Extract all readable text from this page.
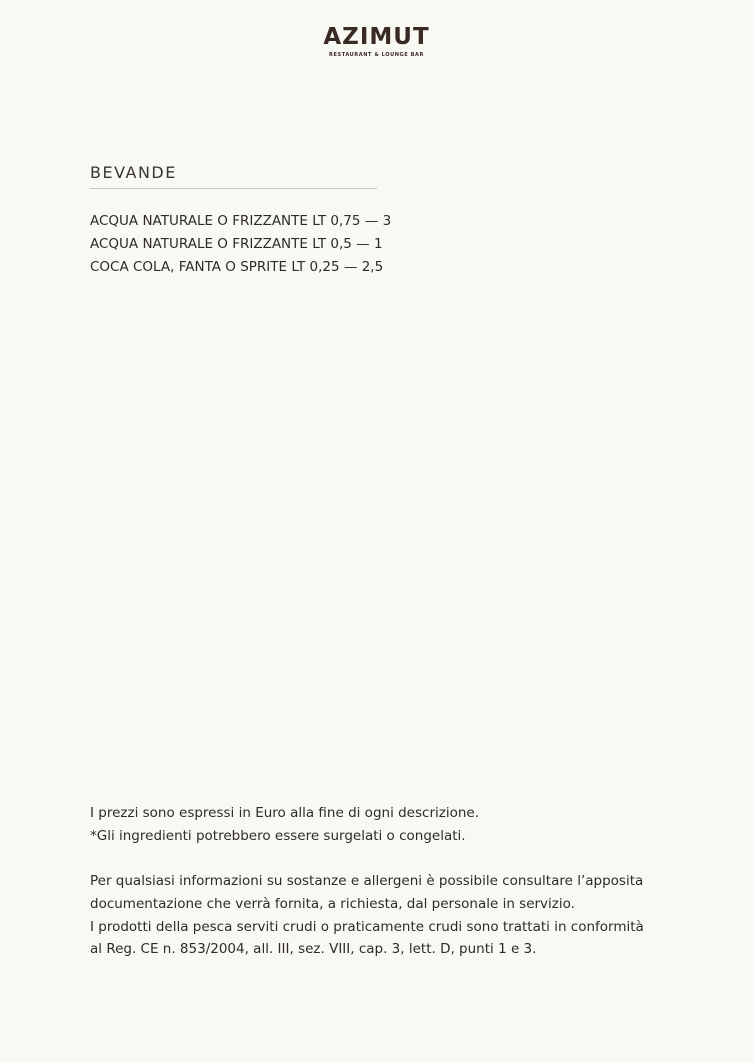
AZIMUT
RESTAURANT & LOUNGE BAR
BEVANDE
ACQUA NATURALE O FRIZZANTE LT 0,75 — 3
ACQUA NATURALE O FRIZZANTE LT 0,5 — 1
COCA COLA, FANTA O SPRITE LT 0,25 — 2,5

I prezzi sono espressi in Euro alla fine di ogni descrizione.

*Gli ingredienti potrebbero essere surgelati o congelati.

Per qualsiasi informazioni su sostanze e allergeni è possibile consultare l’apposita

documentazione che verrà fornita, a richiesta, dal personale in servizio.

I prodotti della pesca serviti crudi o praticamente crudi sono trattati in conformità

al Reg. CE n. 853/2004, all. III, sez. VIII, cap. 3, lett. D, punti 1 e 3.
